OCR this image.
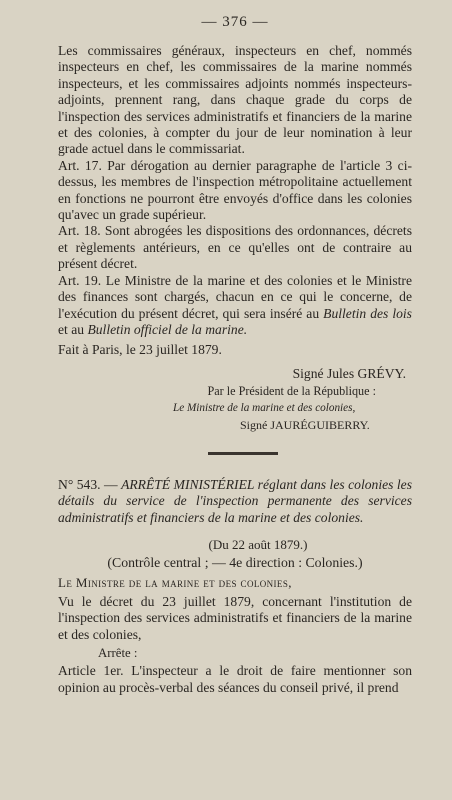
— 376 —

Les commissaires généraux, inspecteurs en chef, nommés inspecteurs en chef, les commissaires de la marine nommés inspecteurs, et les commissaires adjoints nommés inspecteurs-adjoints, prennent rang, dans chaque grade du corps de l'inspection des services administratifs et financiers de la marine et des colonies, à compter du jour de leur nomination à leur grade actuel dans le commissariat.

Art. 17. Par dérogation au dernier paragraphe de l'article 3 ci-dessus, les membres de l'inspection métropolitaine actuellement en fonctions ne pourront être envoyés d'office dans les colonies qu'avec un grade supérieur.

Art. 18. Sont abrogées les dispositions des ordonnances, décrets et règlements antérieurs, en ce qu'elles ont de contraire au présent décret.

Art. 19. Le Ministre de la marine et des colonies et le Ministre des finances sont chargés, chacun en ce qui le concerne, de l'exécution du présent décret, qui sera inséré au Bulletin des lois et au Bulletin officiel de la marine.

Fait à Paris, le 23 juillet 1879.

Signé Jules GRÉVY.
Par le Président de la République :
Le Ministre de la marine et des colonies,
Signé JAURÉGUIBERRY.

N° 543. — ARRÊTÉ MINISTÉRIEL réglant dans les colonies les détails du service de l'inspection permanente des services administratifs et financiers de la marine et des colonies.

(Du 22 août 1879.)
(Contrôle central ; — 4e direction : Colonies.)
Le Ministre de la marine et des colonies,

Vu le décret du 23 juillet 1879, concernant l'institution de l'inspection des services administratifs et financiers de la marine et des colonies,

Arrête :

Article 1er. L'inspecteur a le droit de faire mentionner son opinion au procès-verbal des séances du conseil privé, il prend
